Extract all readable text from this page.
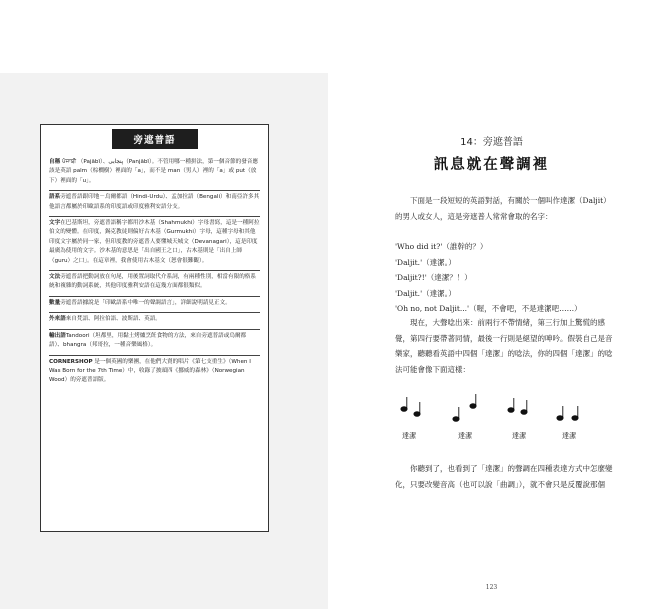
旁遮普語
自稱 ਪੰਜਾਬੀ （Pajābī）、پنجابی（Panjābī）。不管用哪一種拼法，第一個音節的發音應該是英語 palm（棕櫚樹）裡面的「a」，而不是 man（男人）裡的「a」或 put（放下）裡面的「u」。
語系旁遮普語跟印地－烏爾都語（Hindi-Urdu）、孟加拉語（Bengali）和南亞許多其他語言都屬於印歐語系的印度語或印度雅利安語分支。
文字在巴基斯坦，旁遮普語稱字都用沙木基（Shahmukhi）字母書寫，這是一種阿拉伯文的變體。在印度，錫克教徒則偏好古木基（Gurmukhi）字母，這種字母和其他印度文字屬於同一家，但印度教的旁遮普人要懂城天城文（Devanagari），這是印度最廣為使用的文字。沙木基的意思是「出自國王之口」，古木基則是「出自上師（guru）之口」。在這章裡，我會使用古木基文（恕會很難觀）。
文法旁遮普語把動詞放在句尾，用後置詞取代介系詞，有兩種性別，相當有限的格系統和複雜的動詞系統，其他印度雅利安語在這幾方面都很類似。
數量旁遮普語據說是「印歐語系中唯一的聲調語言」，詳細說明請見正文。
外來語來自梵語、阿拉伯語、波斯語、英語。
輸出語Tandoori（坦都里，用黏土烤爐烹飪食物的方法，來自旁遮普語或烏爾都語）、bhangra（邦哥拉，一種音樂風格）。
CORNERSHOP 是一個英國的樂團，在他們大賣的唱片《第七支重生》（When I Was Born for the 7th Time）中，收錄了披頭四《挪威的森林》（Norwegian Wood）的旁遮普語版。
14：旁遮普語
訊息就在聲調裡
下面是一段短短的英語對話，有關於一個叫作達潔（Daljit）的男人或女人，這是旁遮普人常常會取的名字：
'Who did it?'（誰幹的？）
'Daljit.'（達潔。）
'Daljit?!'（達潔？！）
'Daljit.'（達潔。）
'Oh no, not Daljit...'（喔，不會吧，不是達潔吧……）
現在，大聲唸出來：前兩行不帶情緒，第三行加上驚慌的感覺，第四行要帶著同情，最後一行則是絕望的呻吟。假裝自己是音樂家，聽聽看英語中四個「達潔」的唸法，你的四個「達潔」的唸法可能會像下面這樣：
達潔	達潔	達潔	達潔
你聽到了，也看到了「達潔」的聲調在四種表達方式中怎麼變化，只要改變音高（也可以說「曲調」），就不會只是反覆說那個
123
